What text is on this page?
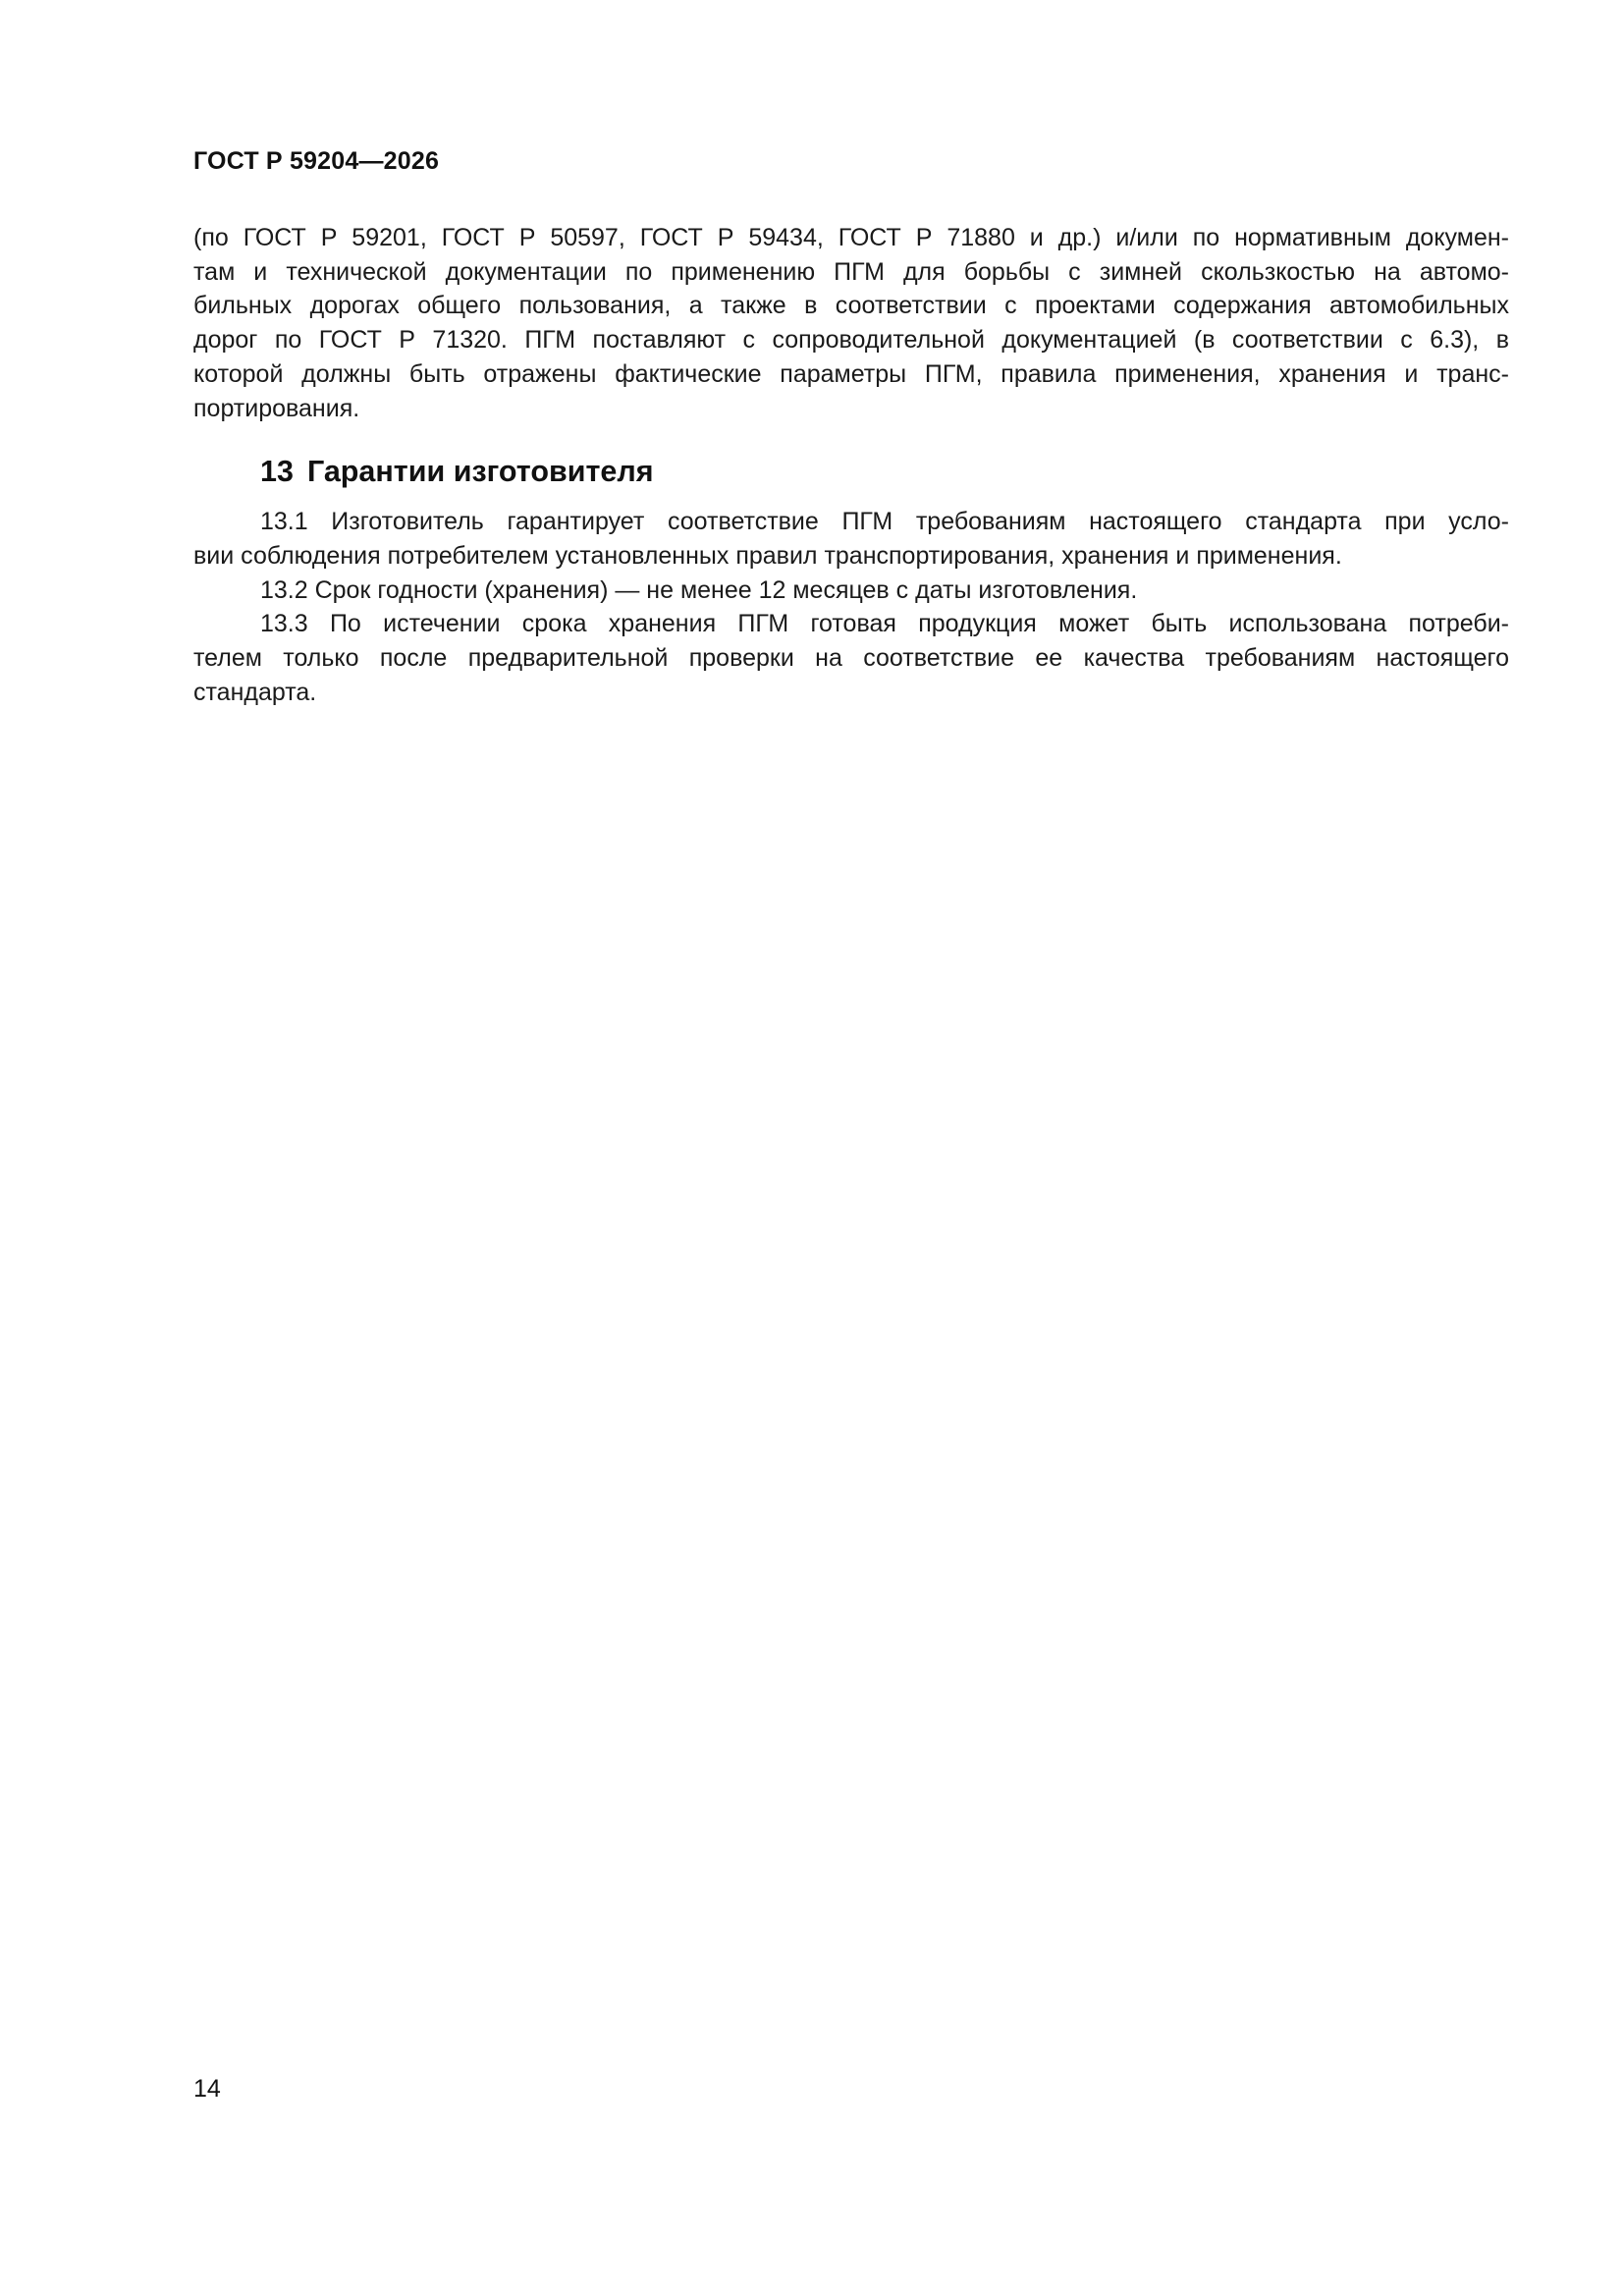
ГОСТ Р 59204—2026
(по ГОСТ Р 59201, ГОСТ Р 50597, ГОСТ Р 59434, ГОСТ Р 71880 и др.) и/или по нормативным докумен-
там и технической документации по применению ПГМ для борьбы с зимней скользкостью на автомо-
бильных дорогах общего пользования, а также в соответствии с проектами содержания автомобильных
дорог по ГОСТ Р 71320. ПГМ поставляют с сопроводительной документацией (в соответствии с 6.3), в
которой должны быть отражены фактические параметры ПГМ, правила применения, хранения и транс-
портирования.
13 Гарантии изготовителя
13.1 Изготовитель гарантирует соответствие ПГМ требованиям настоящего стандарта при усло-
вии соблюдения потребителем установленных правил транспортирования, хранения и применения.
13.2 Срок годности (хранения) — не менее 12 месяцев с даты изготовления.
13.3 По истечении срока хранения ПГМ готовая продукция может быть использована потреби-
телем только после предварительной проверки на соответствие ее качества требованиям настоящего
стандарта.
14
